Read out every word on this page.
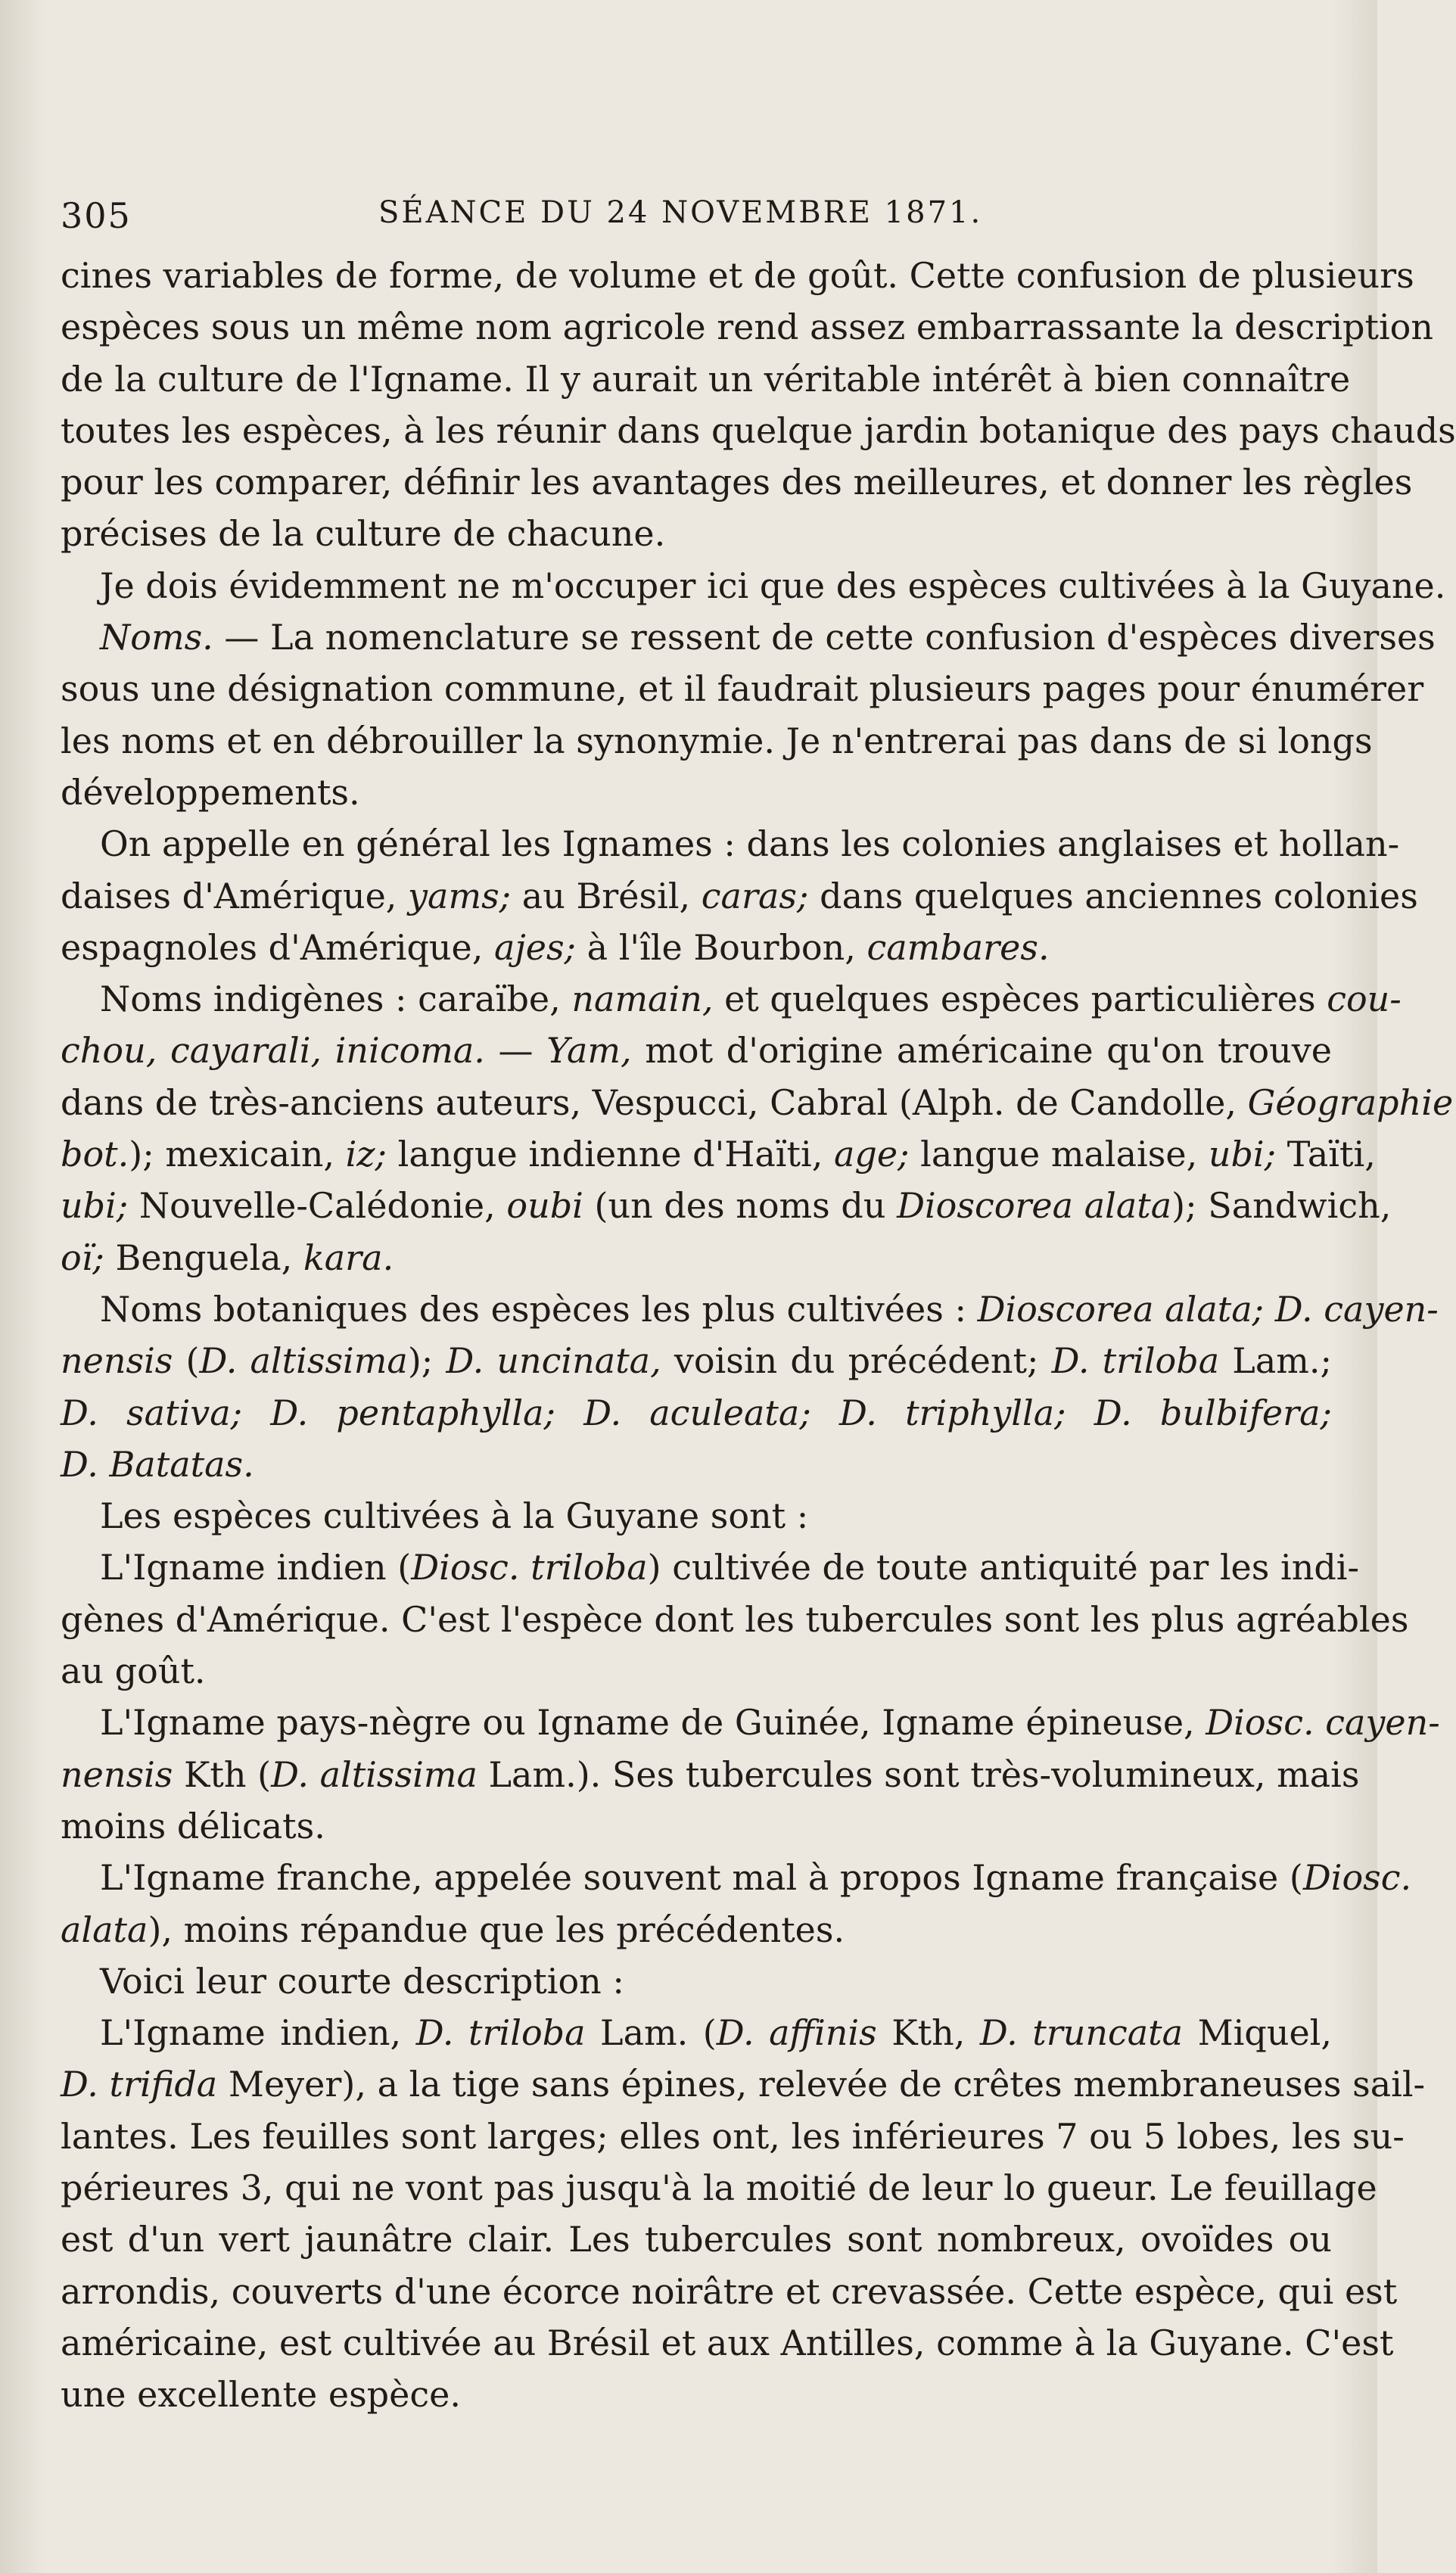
305	SÉANCE DU 24 NOVEMBRE 1871.
cines variables de forme, de volume et de goût. Cette confusion de plusieurs
espèces sous un même nom agricole rend assez embarrassante la description
de la culture de l'Igname. Il y aurait un véritable intérêt à bien connaître
toutes les espèces, à les réunir dans quelque jardin botanique des pays chauds
pour les comparer, définir les avantages des meilleures, et donner les règles
précises de la culture de chacune.
Je dois évidemment ne m'occuper ici que des espèces cultivées à la Guyane.
Noms. — La nomenclature se ressent de cette confusion d'espèces diverses
sous une désignation commune, et il faudrait plusieurs pages pour énumérer
les noms et en débrouiller la synonymie. Je n'entrerai pas dans de si longs
développements.
On appelle en général les Ignames : dans les colonies anglaises et hollan-
daises d'Amérique, yams; au Brésil, caras; dans quelques anciennes colonies
espagnoles d'Amérique, ajes; à l'île Bourbon, cambares.
Noms indigènes : caraïbe, namain, et quelques espèces particulières cou-
chou, cayarali, inicoma. — Yam, mot d'origine américaine qu'on trouve
dans de très-anciens auteurs, Vespucci, Cabral (Alph. de Candolle, Géographie
bot.); mexicain, iz; langue indienne d'Haïti, age; langue malaise, ubi; Taïti,
ubi; Nouvelle-Calédonie, oubi (un des noms du Dioscorea alata); Sandwich,
oï; Benguela, kara.
Noms botaniques des espèces les plus cultivées : Dioscorea alata; D. cayen-
nensis (D. altissima); D. uncinata, voisin du précédent; D. triloba Lam.;
D. sativa; D. pentaphylla; D. aculeata; D. triphylla; D. bulbifera;
D. Batatas.
Les espèces cultivées à la Guyane sont :
L'Igname indien (Diosc. triloba) cultivée de toute antiquité par les indi-
gènes d'Amérique. C'est l'espèce dont les tubercules sont les plus agréables
au goût.
L'Igname pays-nègre ou Igname de Guinée, Igname épineuse, Diosc. cayen-
nensis Kth (D. altissima Lam.). Ses tubercules sont très-volumineux, mais
moins délicats.
L'Igname franche, appelée souvent mal à propos Igname française (Diosc.
alata), moins répandue que les précédentes.
Voici leur courte description :
L'Igname indien, D. triloba Lam. (D. affinis Kth, D. truncata Miquel,
D. trifida Meyer), a la tige sans épines, relevée de crêtes membraneuses sail-
lantes. Les feuilles sont larges; elles ont, les inférieures 7 ou 5 lobes, les su-
périeures 3, qui ne vont pas jusqu'à la moitié de leur lo gueur. Le feuillage
est d'un vert jaunâtre clair. Les tubercules sont nombreux, ovoïdes ou
arrondis, couverts d'une écorce noirâtre et crevassée. Cette espèce, qui est
américaine, est cultivée au Brésil et aux Antilles, comme à la Guyane. C'est
une excellente espèce.
